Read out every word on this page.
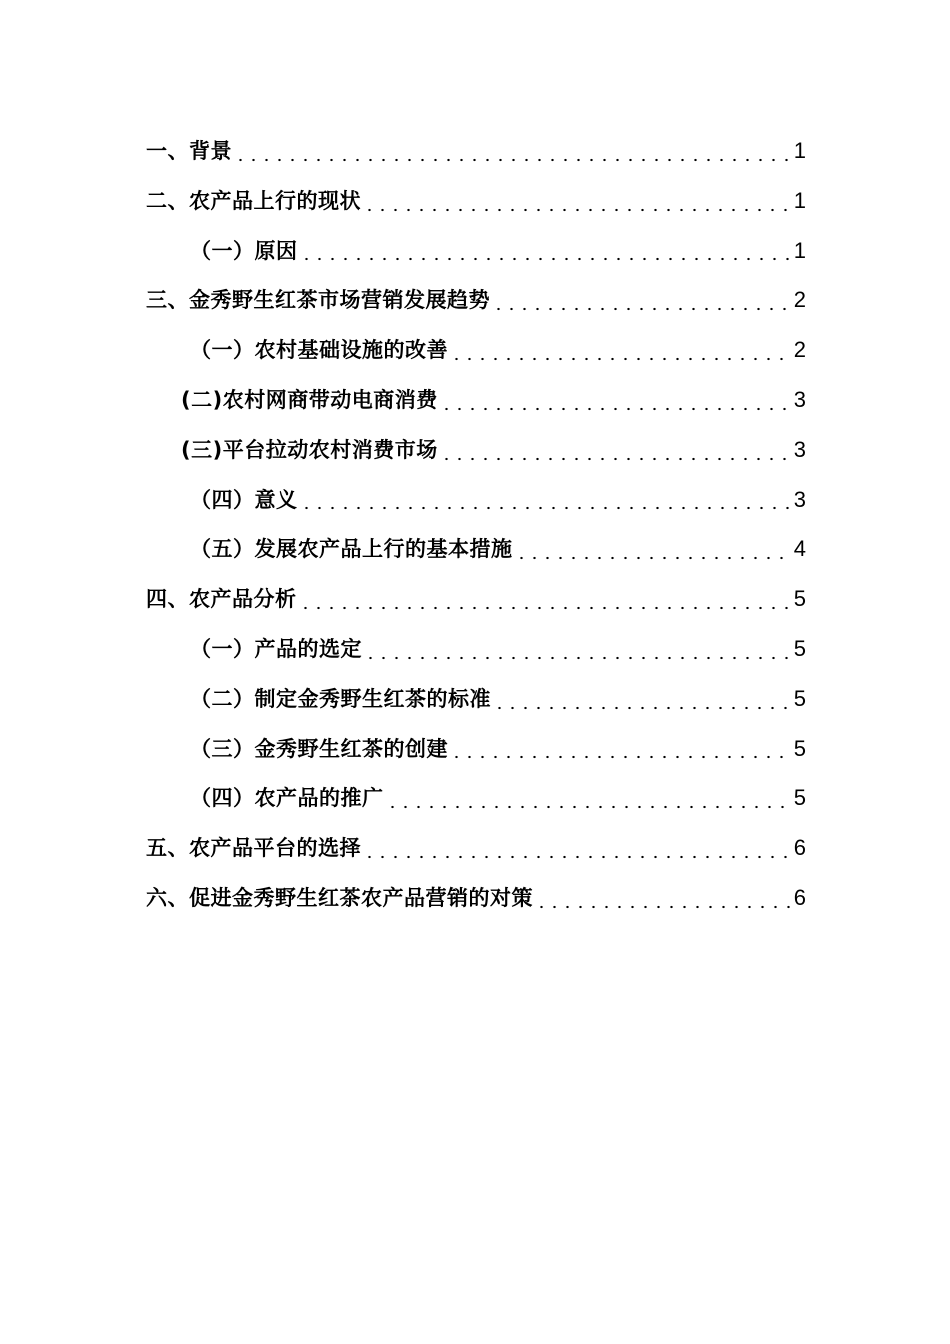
一、背景	1
二、农产品上行的现状	1
（一）原因	1
三、金秀野生红茶市场营销发展趋势	2
（一）农村基础设施的改善	2
(二)农村网商带动电商消费	3
(三)平台拉动农村消费市场	3
（四）意义	3
（五）发展农产品上行的基本措施	4
四、农产品分析	5
（一）产品的选定	5
（二）制定金秀野生红茶的标准	5
（三）金秀野生红茶的创建	5
（四）农产品的推广	5
五、农产品平台的选择	6
六、促进金秀野生红茶农产品营销的对策	6
